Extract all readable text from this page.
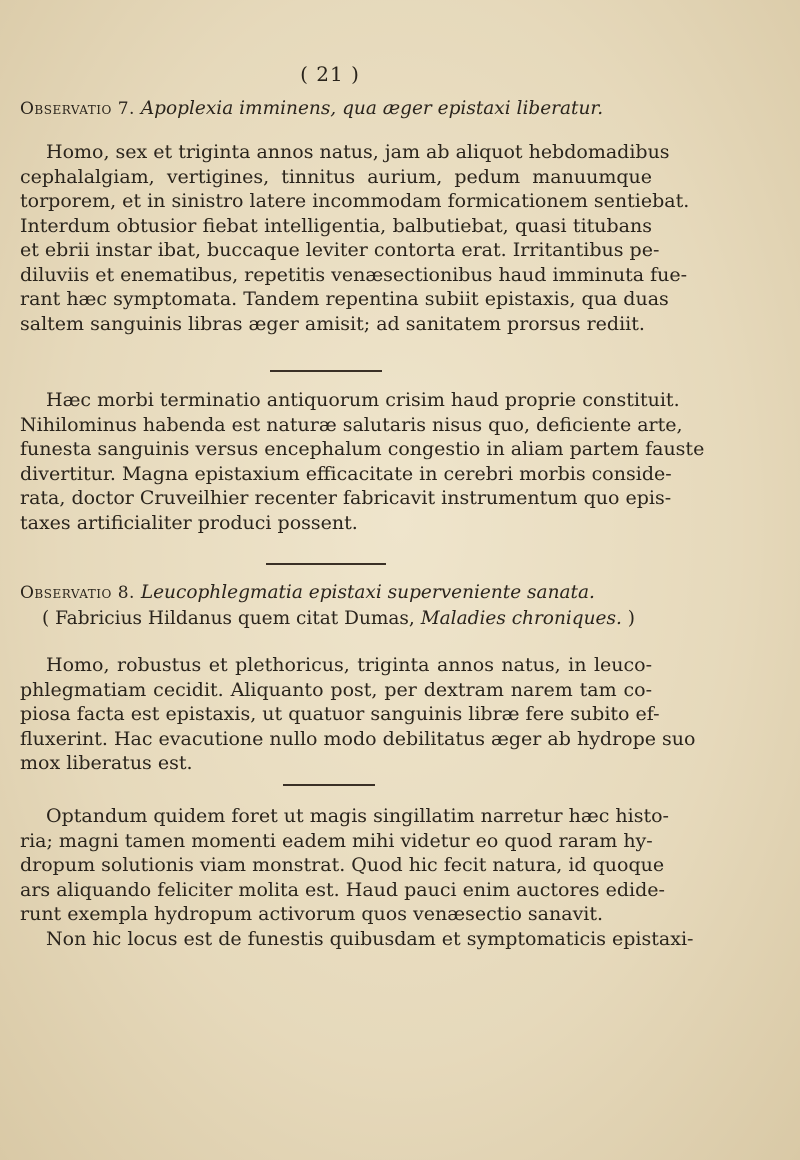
( 21 )
Observatio 7. Apoplexia imminens, qua æger epistaxi liberatur.
Homo, sex et triginta annos natus, jam ab aliquot hebdomadibus
cephalalgiam, vertigines, tinnitus aurium, pedum manuumque
torporem, et in sinistro latere incommodam formicationem sentiebat.
Interdum obtusior fiebat intelligentia, balbutiebat, quasi titubans
et ebrii instar ibat, buccaque leviter contorta erat. Irritantibus pe-
diluviis et enematibus, repetitis venæsectionibus haud imminuta fue-
rant hæc symptomata. Tandem repentina subiit epistaxis, qua duas
saltem sanguinis libras æger amisit; ad sanitatem prorsus rediit.
Hæc morbi terminatio antiquorum crisim haud proprie constituit.
Nihilominus habenda est naturæ salutaris nisus quo, deficiente arte,
funesta sanguinis versus encephalum congestio in aliam partem fauste
divertitur. Magna epistaxium efficacitate in cerebri morbis conside-
rata, doctor Cruveilhier recenter fabricavit instrumentum quo epis-
taxes artificialiter produci possent.
Observatio 8. Leucophlegmatia epistaxi superveniente sanata.
( Fabricius Hildanus quem citat Dumas, Maladies chroniques. )
Homo, robustus et plethoricus, triginta annos natus, in leuco-
phlegmatiam cecidit. Aliquanto post, per dextram narem tam co-
piosa facta est epistaxis, ut quatuor sanguinis libræ fere subito ef-
fluxerint. Hac evacutione nullo modo debilitatus æger ab hydrope suo
mox liberatus est.
Optandum quidem foret ut magis singillatim narretur hæc histo-
ria; magni tamen momenti eadem mihi videtur eo quod raram hy-
dropum solutionis viam monstrat. Quod hic fecit natura, id quoque
ars aliquando feliciter molita est. Haud pauci enim auctores edide-
runt exempla hydropum activorum quos venæsectio sanavit.
Non hic locus est de funestis quibusdam et symptomaticis epistaxi-
